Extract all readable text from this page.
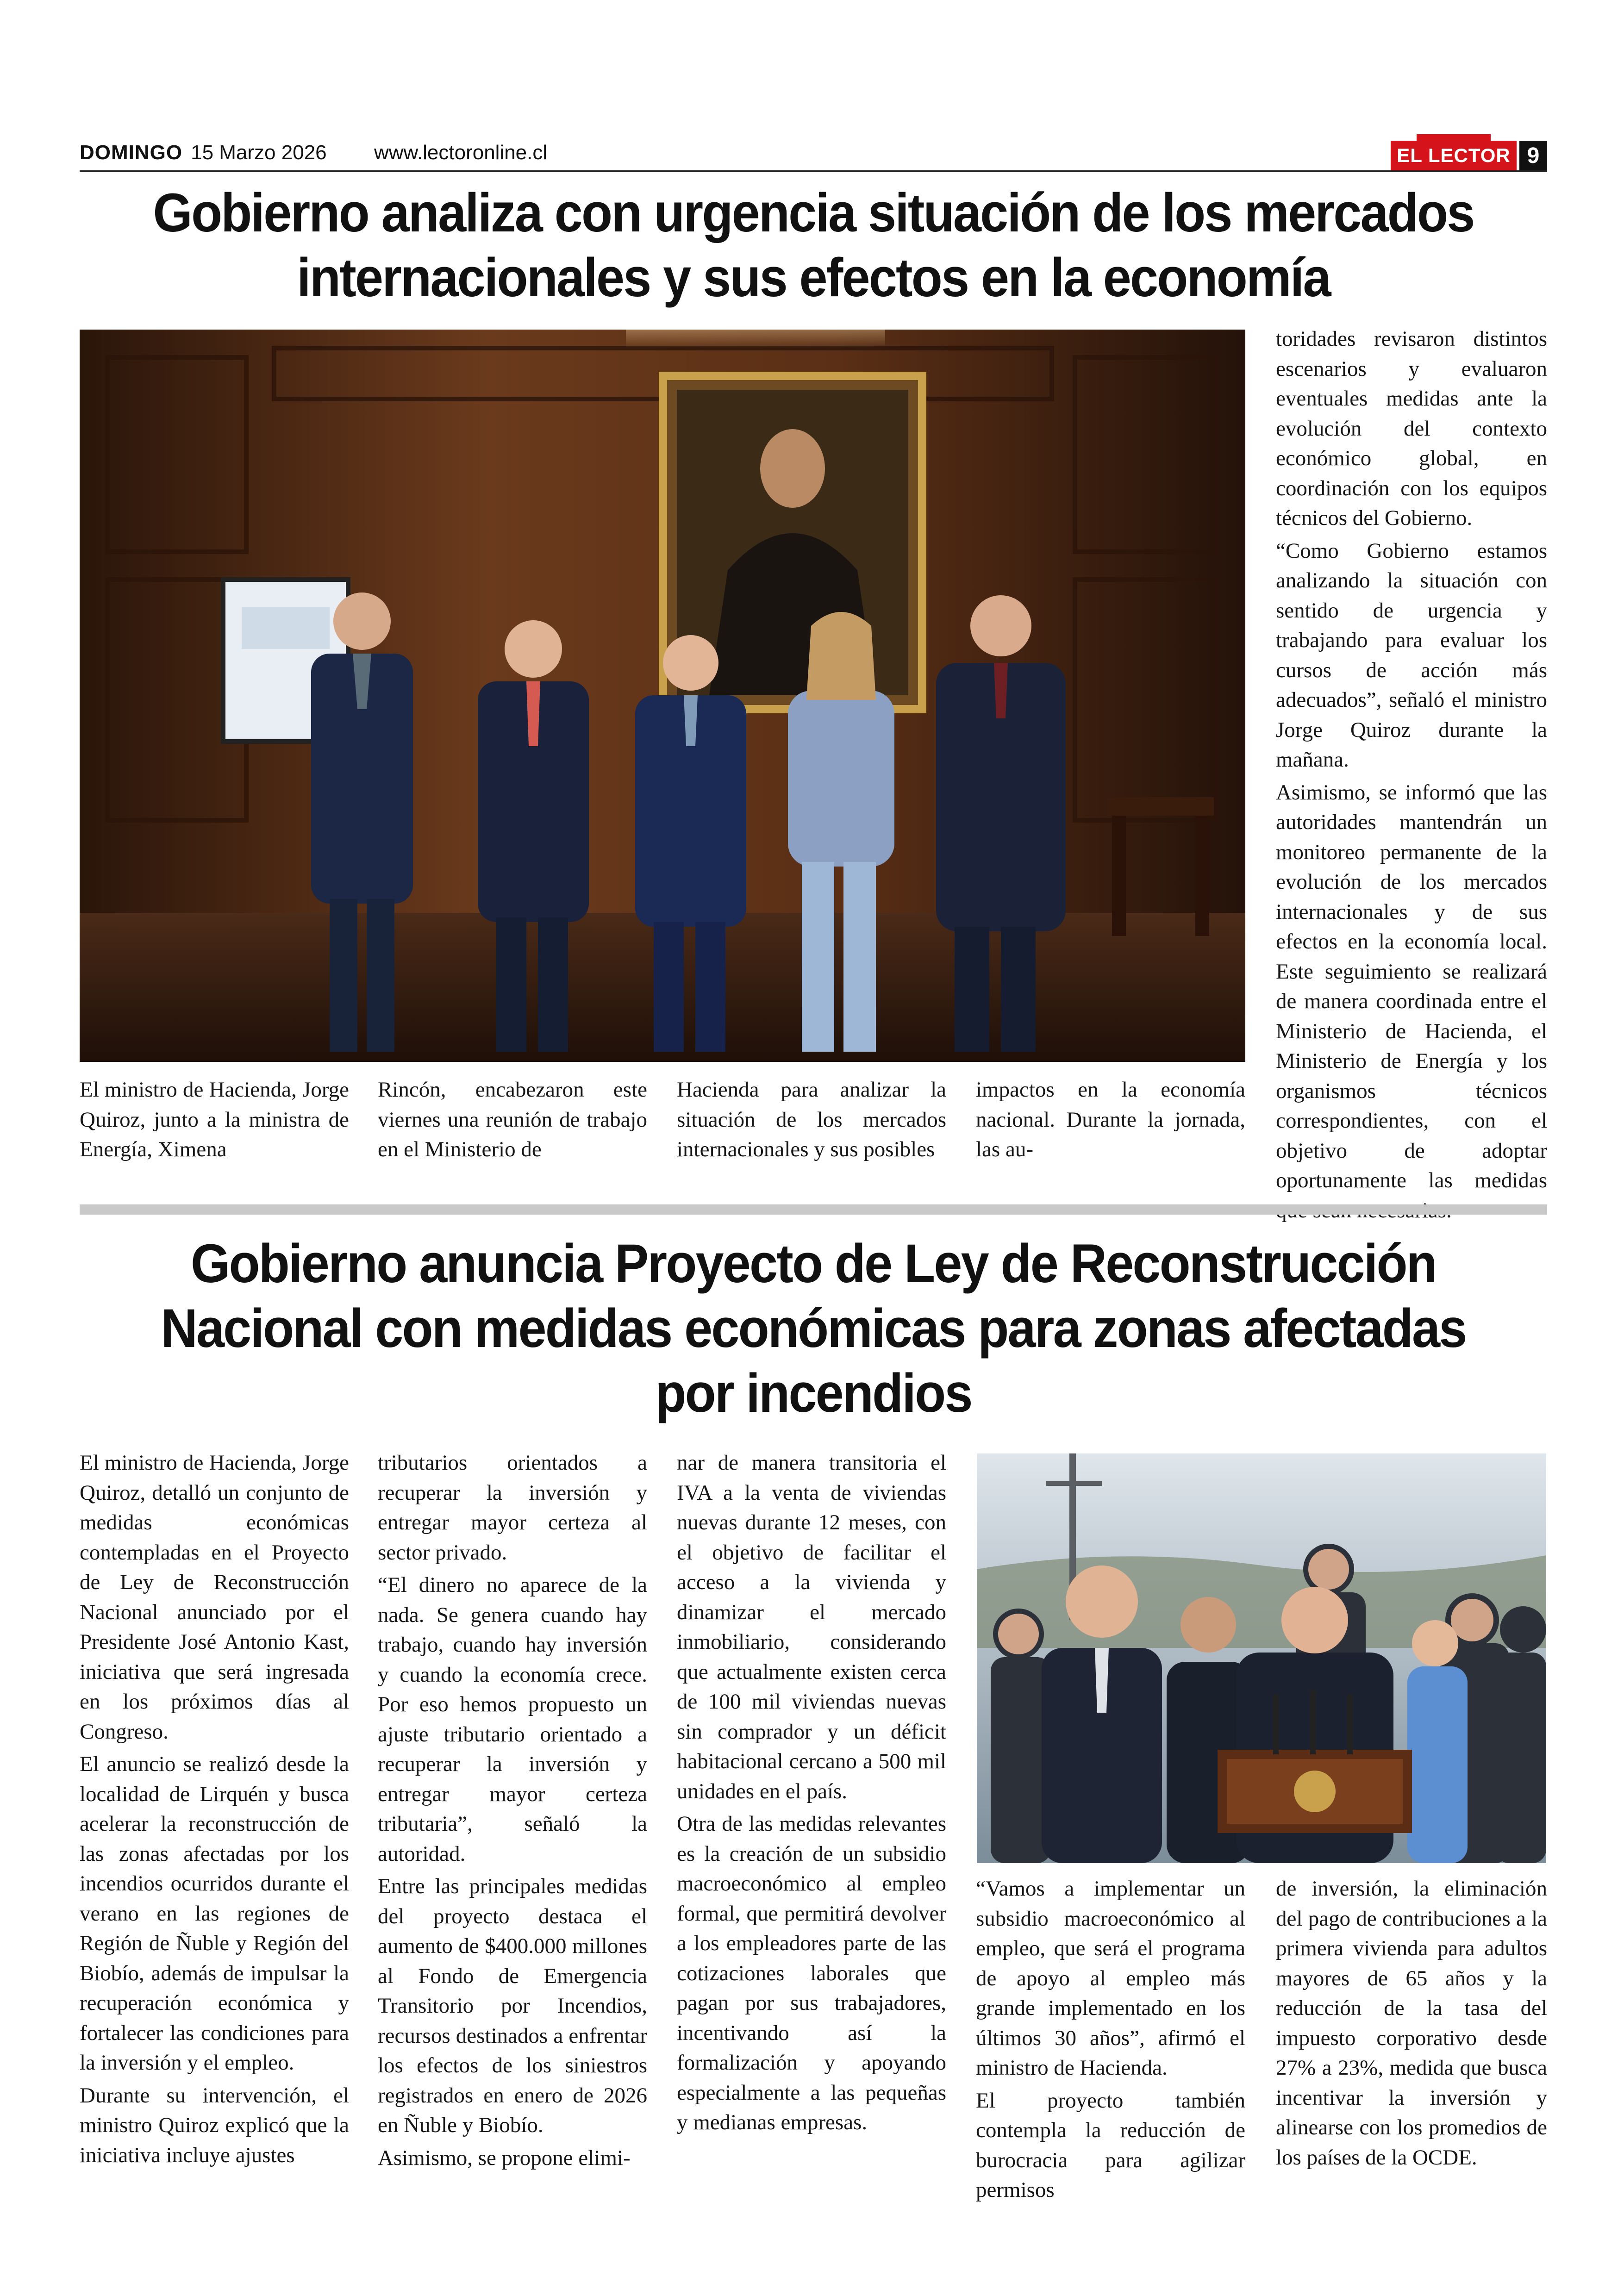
DOMINGO 15 Marzo 2026 www.lectoronline.cl	EL LECTOR 9
Gobierno analiza con urgencia situación de los mercados
internacionales y sus efectos en la economía
El ministro de Hacienda, Jorge Quiroz, junto a la ministra de Energía, Ximena
Rincón, encabezaron este viernes una reunión de trabajo en el Ministerio de
Hacienda para analizar la situación de los mercados internacionales y sus posibles
impactos en la economía nacional. Durante la jornada, las au-

toridades revisaron distintos escenarios y evaluaron eventuales medidas ante la evolución del contexto económico global, en coordinación con los equipos técnicos del Gobierno.

“Como Gobierno estamos analizando la situación con sentido de urgencia y trabajando para evaluar los cursos de acción más adecuados”, señaló el ministro Jorge Quiroz durante la mañana.

Asimismo, se informó que las autoridades mantendrán un monitoreo permanente de la evolución de los mercados internacionales y de sus efectos en la economía local. Este seguimiento se realizará de manera coordinada entre el Ministerio de Hacienda, el Ministerio de Energía y los organismos técnicos correspondientes, con el objetivo de adoptar oportunamente las medidas

Gobierno anuncia Proyecto de Ley de Reconstrucción
Nacional con medidas económicas para zonas afectadas
por incendios

El ministro de Hacienda, Jorge Quiroz, detalló un conjunto de medidas económicas contempladas en el Proyecto de Ley de Reconstrucción Nacional anunciado por el Presidente José Antonio Kast, iniciativa que será ingresada en los próximos días al Congreso.

El anuncio se realizó desde la localidad de Lirquén y busca acelerar la reconstrucción de las zonas afectadas por los incendios ocurridos durante el verano en las regiones de Región de Ñuble y Región del Biobío, además de impulsar la recuperación económica y fortalecer las condiciones para la inversión y el empleo.

Durante su intervención, el ministro Quiroz explicó que la iniciativa incluye ajustes

tributarios orientados a recuperar la inversión y entregar mayor certeza al sector privado.

“El dinero no aparece de la nada. Se genera cuando hay trabajo, cuando hay inversión y cuando la economía crece. Por eso hemos propuesto un ajuste tributario orientado a recuperar la inversión y entregar mayor certeza tributaria”, señaló la autoridad.

Entre las principales medidas del proyecto destaca el aumento de $400.000 millones al Fondo de Emergencia Transitorio por Incendios, recursos destinados a enfrentar los efectos de los siniestros registrados en enero de 2026 en Ñuble y Biobío.

Asimismo, se propone elimi-

nar de manera transitoria el IVA a la venta de viviendas nuevas durante 12 meses, con el objetivo de facilitar el acceso a la vivienda y dinamizar el mercado inmobiliario, considerando que actualmente existen cerca de 100 mil viviendas nuevas sin comprador y un déficit habitacional cercano a 500 mil unidades en el país.

Otra de las medidas relevantes es la creación de un subsidio macroeconómico al empleo formal, que permitirá devolver a los empleadores parte de las cotizaciones laborales que pagan por sus trabajadores, incentivando así la formalización y apoyando especialmente a las pequeñas y medianas empresas.

“Vamos a implementar un subsidio macroeconómico al empleo, que será el programa de apoyo al empleo más grande implementado en los últimos 30 años”, afirmó el ministro de Hacienda.

El proyecto también contempla la reducción de burocracia para agilizar permisos

de inversión, la eliminación del pago de contribuciones a la primera vivienda para adultos mayores de 65 años y la reducción de la tasa del impuesto corporativo desde 27% a 23%, medida que busca incentivar la inversión y alinearse con los promedios de los países de la OCDE.
